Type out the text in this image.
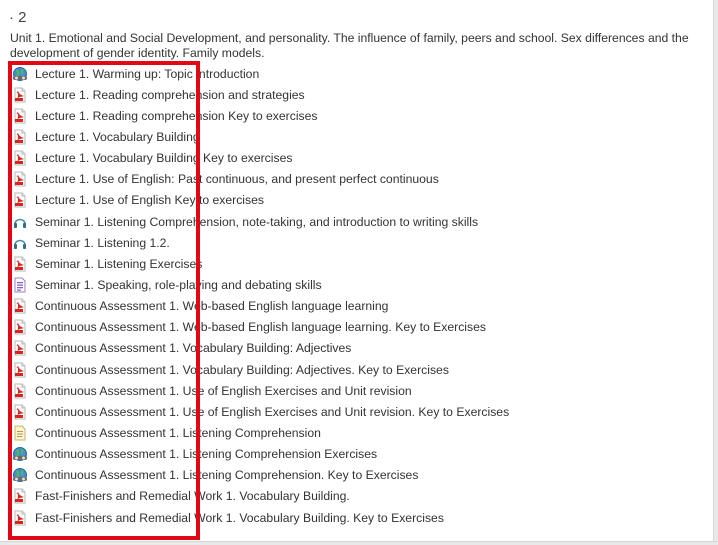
· 2
Unit 1. Emotional and Social Development, and personality. The influence of family, peers and school. Sex differences and the development of gender identity. Family models.
Lecture 1. Warming up: Topic introduction
Lecture 1. Reading comprehension and strategies
Lecture 1. Reading comprehension Key to exercises
Lecture 1. Vocabulary Building
Lecture 1. Vocabulary Building Key to exercises
Lecture 1. Use of English: Past continuous, and present perfect continuous
Lecture 1. Use of English Key to exercises
Seminar 1. Listening Comprehension, note-taking, and introduction to writing skills
Seminar 1. Listening 1.2.
Seminar 1. Listening Exercises
Seminar 1. Speaking, role-playing and debating skills
Continuous Assessment 1. Web-based English language learning
Continuous Assessment 1. Web-based English language learning. Key to Exercises
Continuous Assessment 1. Vocabulary Building: Adjectives
Continuous Assessment 1. Vocabulary Building: Adjectives. Key to Exercises
Continuous Assessment 1. Use of English Exercises and Unit revision
Continuous Assessment 1. Use of English Exercises and Unit revision. Key to Exercises
Continuous Assessment 1. Listening Comprehension
Continuous Assessment 1. Listening Comprehension Exercises
Continuous Assessment 1. Listening Comprehension. Key to Exercises
Fast-Finishers and Remedial Work 1. Vocabulary Building.
Fast-Finishers and Remedial Work 1. Vocabulary Building. Key to Exercises
